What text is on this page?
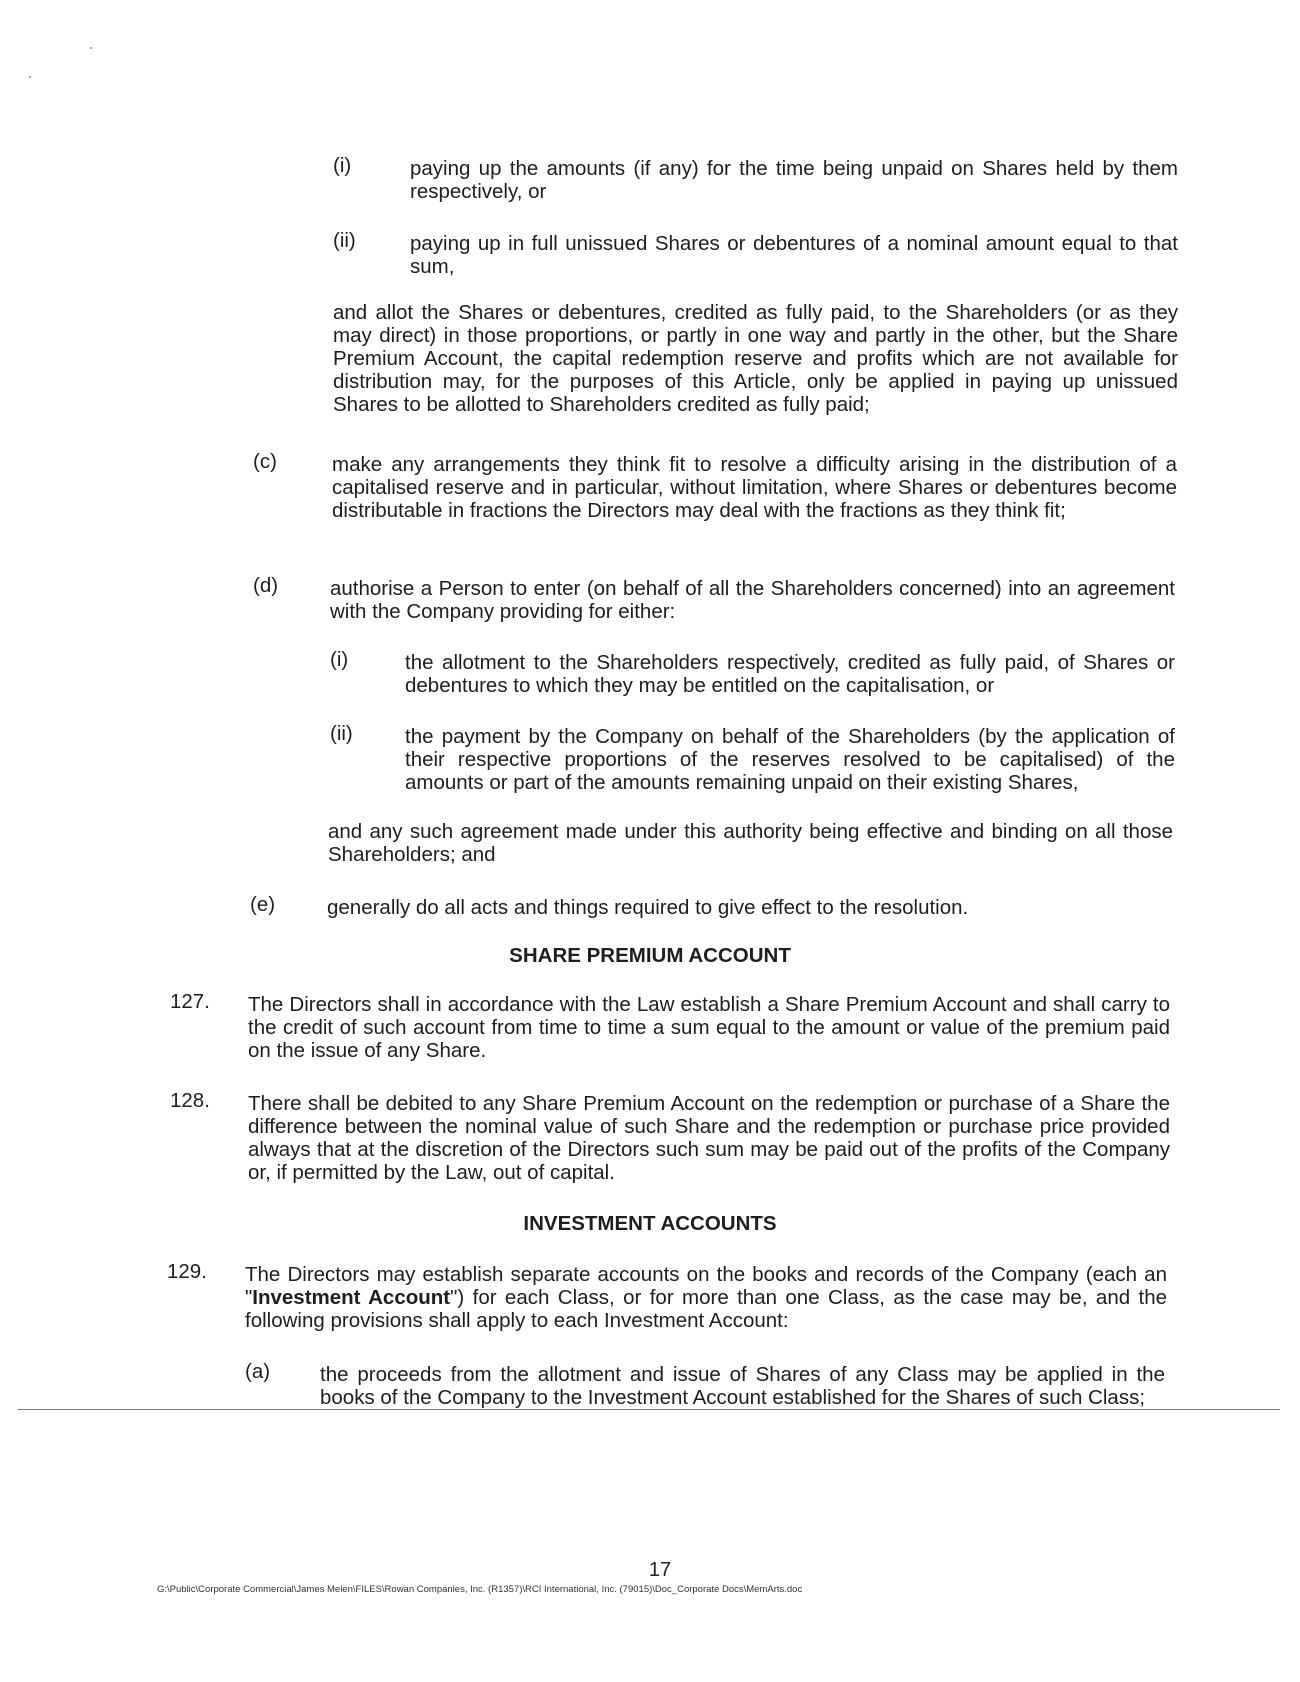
(i)	paying up the amounts (if any) for the time being unpaid on Shares held by them respectively, or
(ii)	paying up in full unissued Shares or debentures of a nominal amount equal to that sum,
and allot the Shares or debentures, credited as fully paid, to the Shareholders (or as they may direct) in those proportions, or partly in one way and partly in the other, but the Share Premium Account, the capital redemption reserve and profits which are not available for distribution may, for the purposes of this Article, only be applied in paying up unissued Shares to be allotted to Shareholders credited as fully paid;
(c)	make any arrangements they think fit to resolve a difficulty arising in the distribution of a capitalised reserve and in particular, without limitation, where Shares or debentures become distributable in fractions the Directors may deal with the fractions as they think fit;
(d)	authorise a Person to enter (on behalf of all the Shareholders concerned) into an agreement with the Company providing for either:
(i)	the allotment to the Shareholders respectively, credited as fully paid, of Shares or debentures to which they may be entitled on the capitalisation, or
(ii)	the payment by the Company on behalf of the Shareholders (by the application of their respective proportions of the reserves resolved to be capitalised) of the amounts or part of the amounts remaining unpaid on their existing Shares,
and any such agreement made under this authority being effective and binding on all those Shareholders; and
(e)	generally do all acts and things required to give effect to the resolution.
SHARE PREMIUM ACCOUNT
127. The Directors shall in accordance with the Law establish a Share Premium Account and shall carry to the credit of such account from time to time a sum equal to the amount or value of the premium paid on the issue of any Share.
128. There shall be debited to any Share Premium Account on the redemption or purchase of a Share the difference between the nominal value of such Share and the redemption or purchase price provided always that at the discretion of the Directors such sum may be paid out of the profits of the Company or, if permitted by the Law, out of capital.
INVESTMENT ACCOUNTS
129. The Directors may establish separate accounts on the books and records of the Company (each an "Investment Account") for each Class, or for more than one Class, as the case may be, and the following provisions shall apply to each Investment Account:
(a) the proceeds from the allotment and issue of Shares of any Class may be applied in the books of the Company to the Investment Account established for the Shares of such Class;
17
G:\Public\Corporate Commercial\James Melen\FILES\Rowan Companies, Inc. (R1357)\RCI International, Inc. (79015)\Doc_Corporate Docs\MemArts.doc
